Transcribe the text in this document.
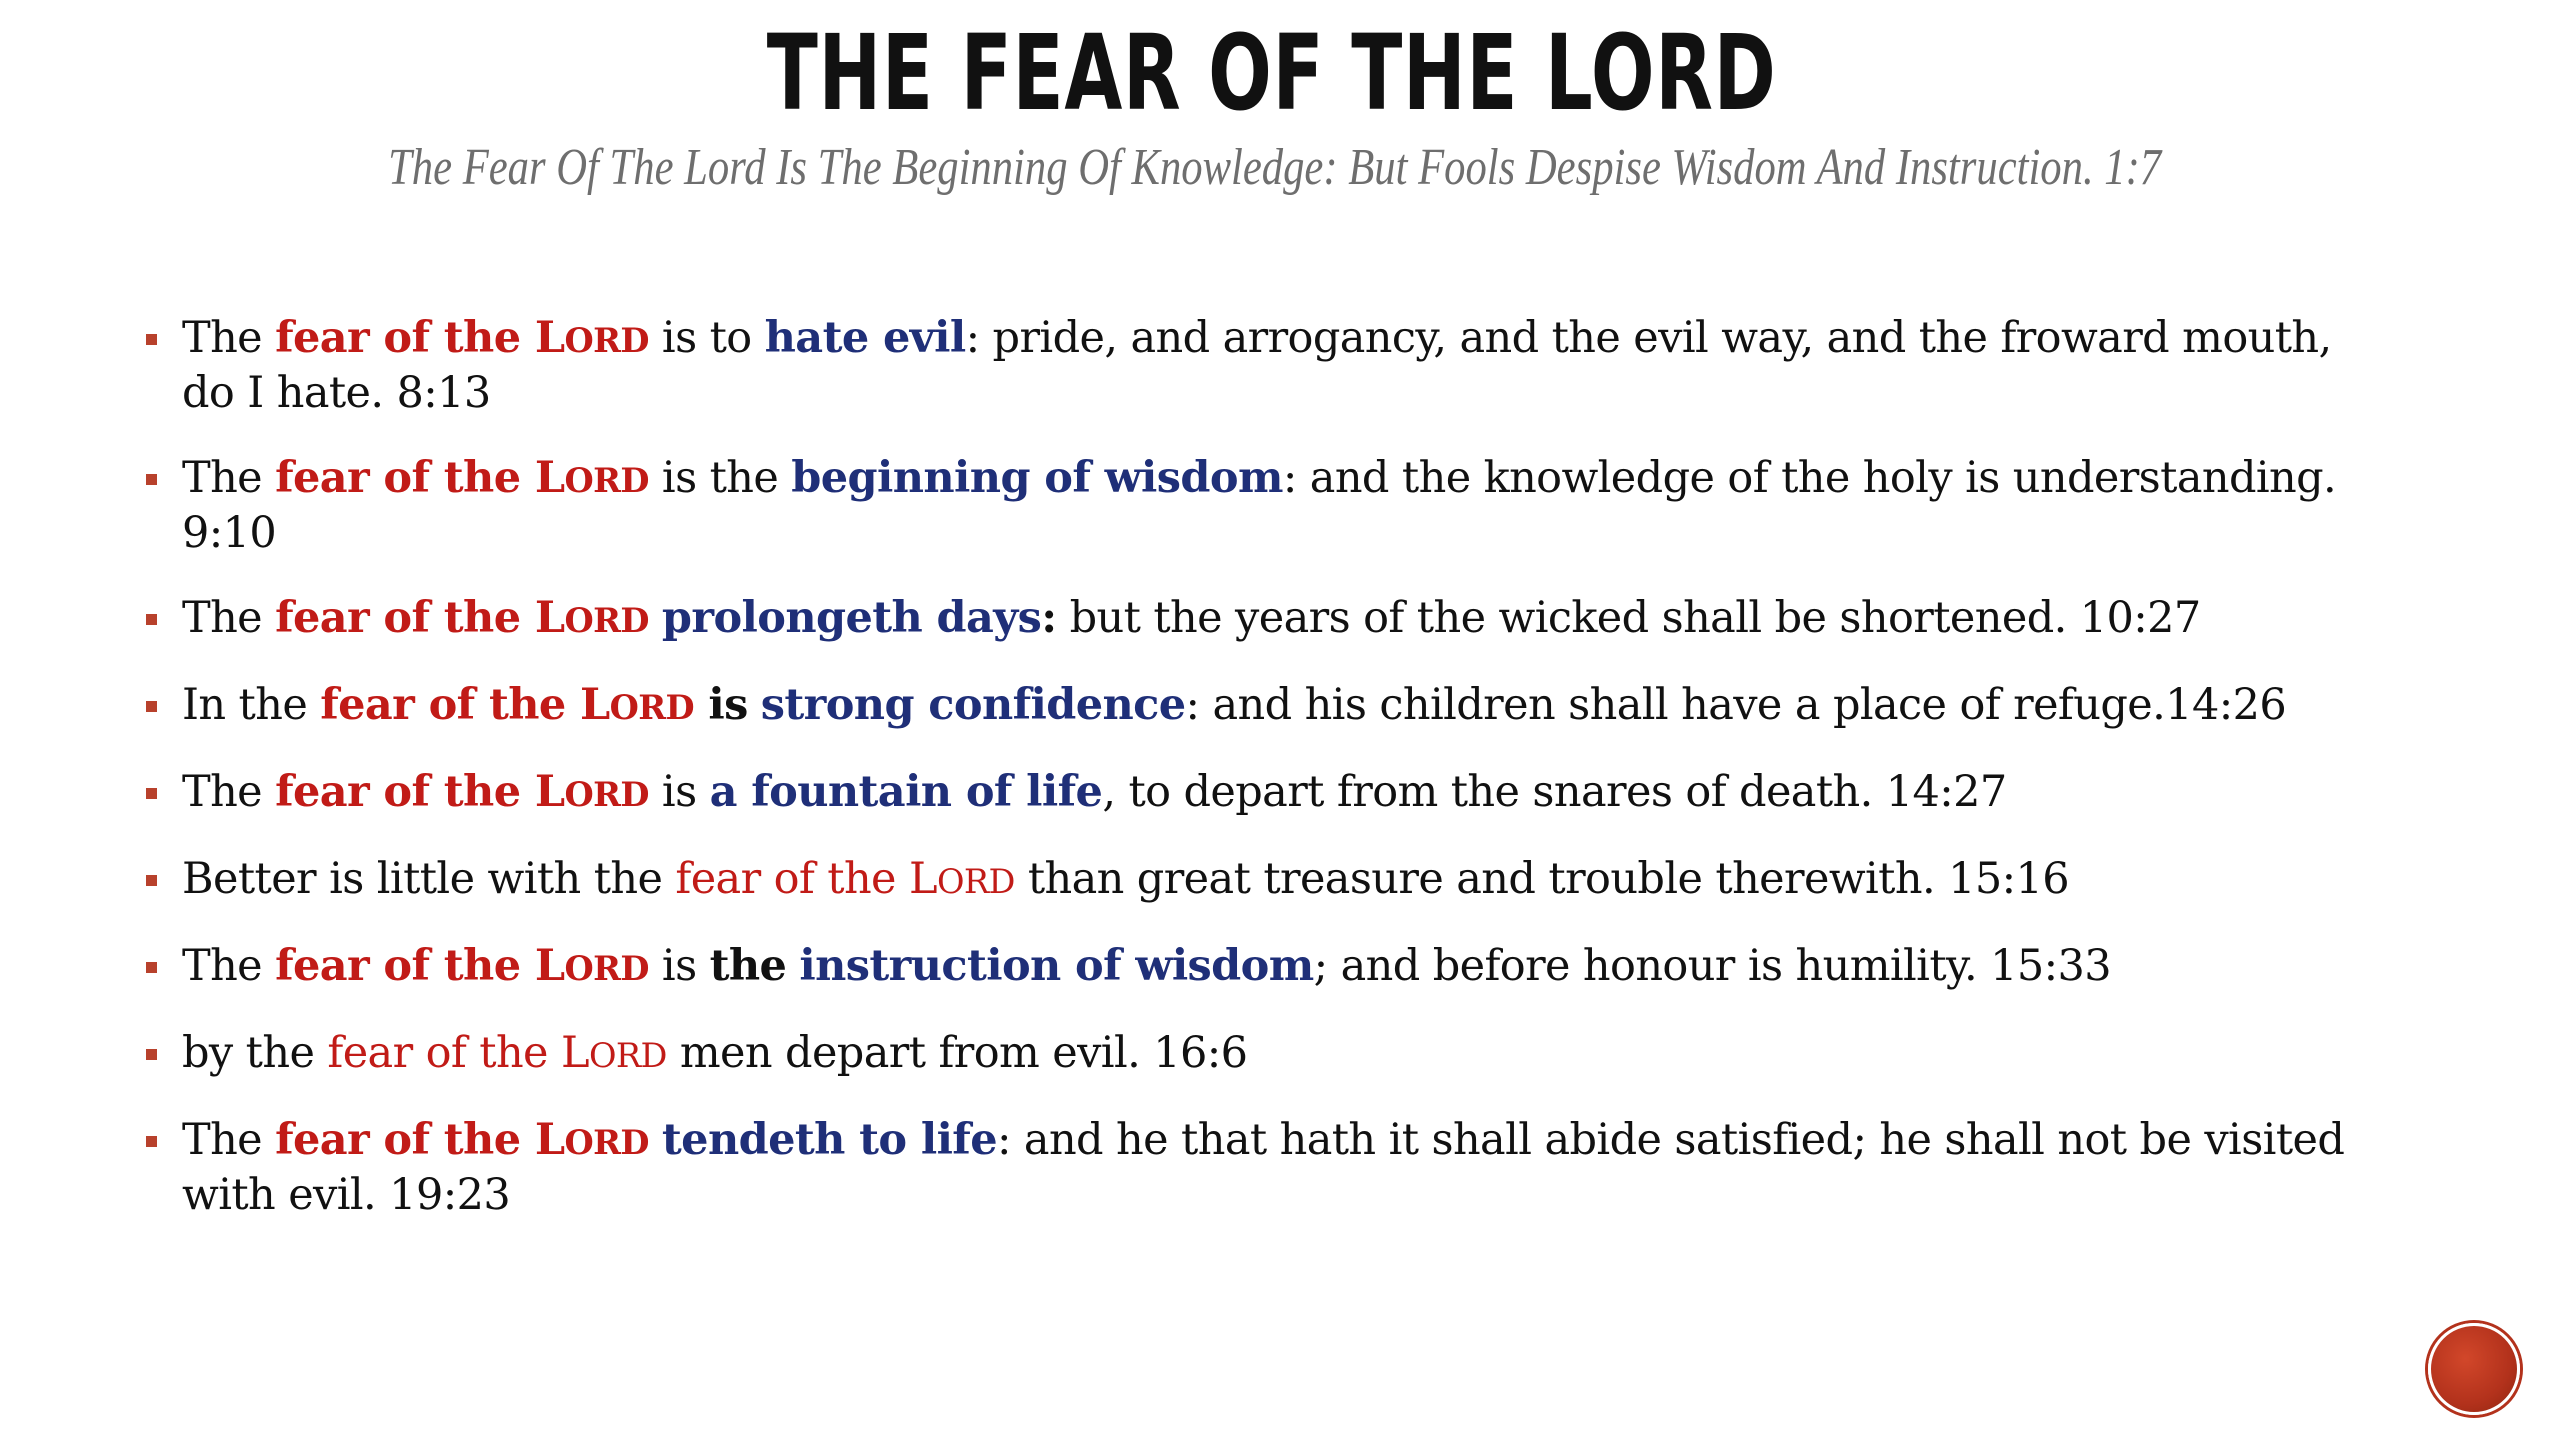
THE FEAR OF THE LORD
The Fear Of The Lord Is The Beginning Of Knowledge: But Fools Despise Wisdom And Instruction. 1:7
The fear of the LORD is to hate evil: pride, and arrogancy, and the evil way, and the froward mouth, do I hate. 8:13
The fear of the LORD is the beginning of wisdom: and the knowledge of the holy is understanding. 9:10
The fear of the LORD prolongeth days: but the years of the wicked shall be shortened. 10:27
In the fear of the LORD is strong confidence: and his children shall have a place of refuge.14:26
The fear of the LORD is a fountain of life, to depart from the snares of death. 14:27
Better is little with the fear of the LORD than great treasure and trouble therewith. 15:16
The fear of the LORD is the instruction of wisdom; and before honour is humility. 15:33
by the fear of the LORD men depart from evil. 16:6
The fear of the LORD tendeth to life: and he that hath it shall abide satisfied; he shall not be visited with evil. 19:23
